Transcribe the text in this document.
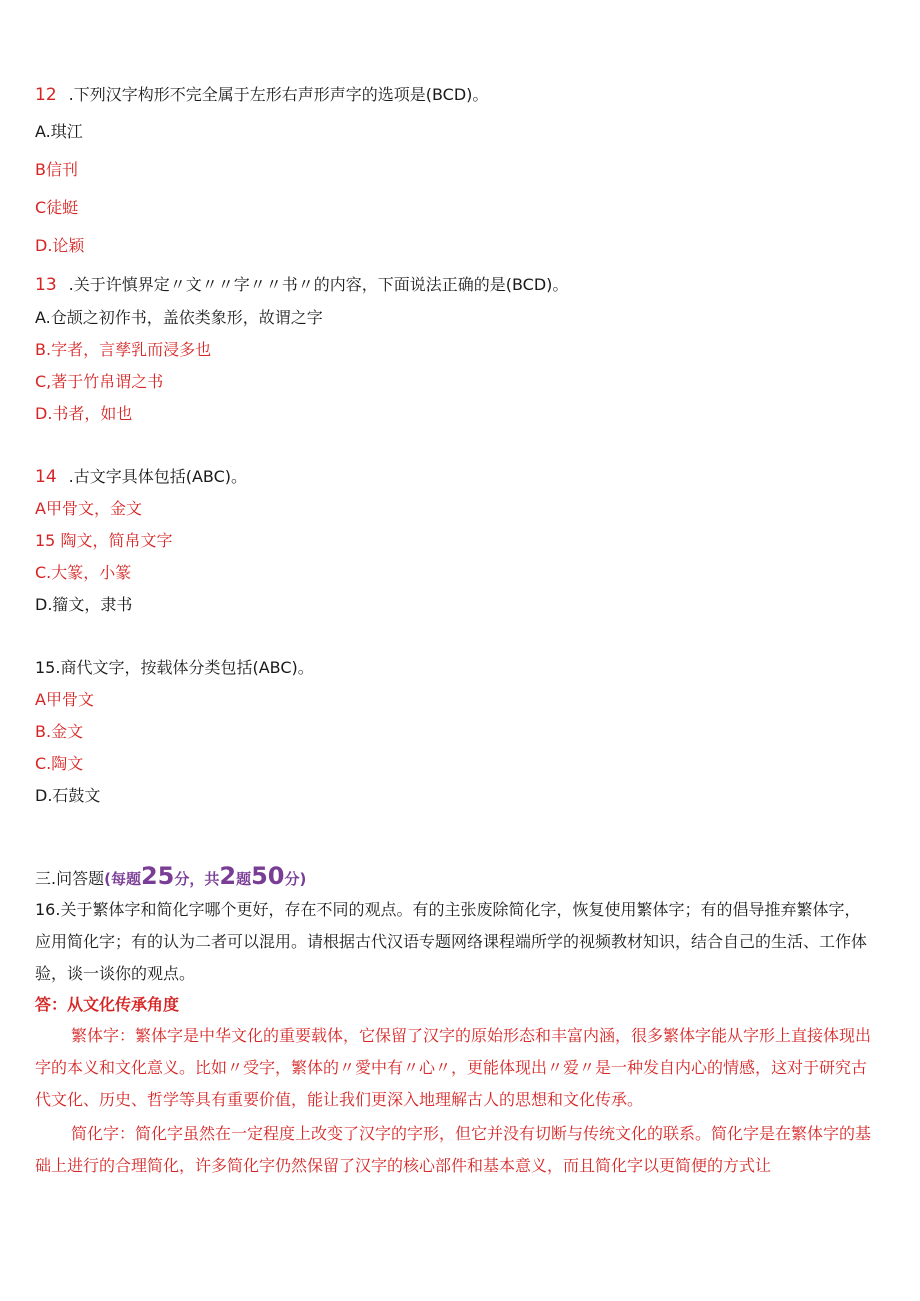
12 .下列汉字构形不完全属于左形右声形声字的选项是(BCD)。
A.琪江
B信刊
C徒蜓
D.论颖
13 .关于许慎界定〃文〃〃字〃〃书〃的内容，下面说法正确的是(BCD)。
A.仓颉之初作书，盖依类象形，故谓之字
B.字者，言孳乳而浸多也
C,著于竹帛谓之书
D.书者，如也
14 .古文字具体包括(ABC)。
A甲骨文，金文
15 陶文，简帛文字
C.大篆，小篆
D.籀文，隶书
15.商代文字，按载体分类包括(ABC)。
A甲骨文
B.金文
C.陶文
D.石鼓文
三.问答题(每题25分，共2题50分)
16.关于繁体字和简化字哪个更好，存在不同的观点。有的主张废除简化字，恢复使用繁体字；有的倡导推弃繁体字，应用简化字；有的认为二者可以混用。请根据古代汉语专题网络课程端所学的视频教材知识，结合自己的生活、工作体验，谈一谈你的观点。
答：从文化传承角度
繁体字：繁体字是中华文化的重要载体，它保留了汉字的原始形态和丰富内涵，很多繁体字能从字形上直接体现出字的本义和文化意义。比如〃受字，繁体的〃愛中有〃心〃，更能体现出〃爱〃是一种发自内心的情感，这对于研究古代文化、历史、哲学等具有重要价值，能让我们更深入地理解古人的思想和文化传承。
简化字：简化字虽然在一定程度上改变了汉字的字形，但它并没有切断与传统文化的联系。简化字是在繁体字的基础上进行的合理简化，许多简化字仍然保留了汉字的核心部件和基本意义，而且简化字以更简便的方式让
